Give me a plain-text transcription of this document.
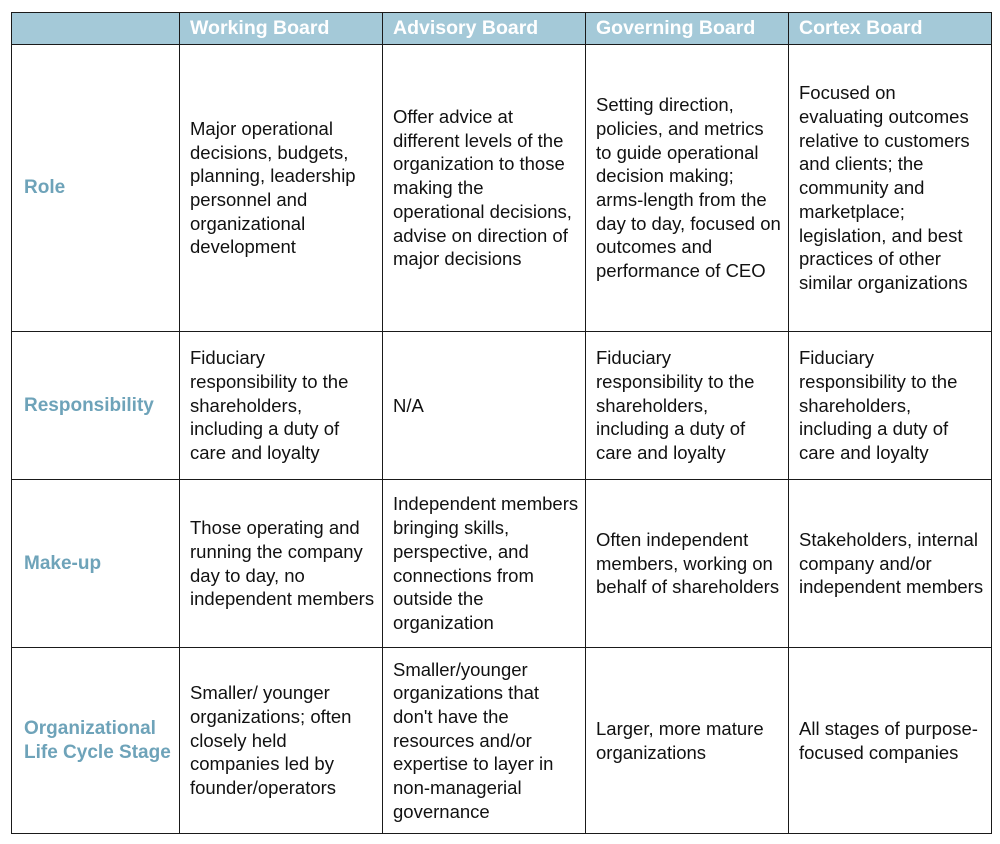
	Working Board	Advisory Board	Governing Board	Cortex Board
Role	Major operational decisions, budgets, planning, leadership personnel and organizational development	Offer advice at different levels of the organization to those making the operational decisions, advise on direction of major decisions	Setting direction, policies, and metrics to guide operational decision making; arms-length from the day to day, focused on outcomes and performance of CEO	Focused on evaluating outcomes relative to customers and clients; the community and marketplace; legislation, and best practices of other similar organizations
Responsibility	Fiduciary responsibility to the shareholders, including a duty of care and loyalty	N/A	Fiduciary responsibility to the shareholders, including a duty of care and loyalty	Fiduciary responsibility to the shareholders, including a duty of care and loyalty
Make-up	Those operating and running the company day to day, no independent members	Independent members bringing skills, perspective, and connections from outside the organization	Often independent members, working on behalf of shareholders	Stakeholders, internal company and/or independent members
Organizational Life Cycle Stage	Smaller/ younger organizations; often closely held companies led by founder/operators	Smaller/younger organizations that don't have the resources and/or expertise to layer in non-managerial governance	Larger, more mature organizations	All stages of purpose-focused companies
